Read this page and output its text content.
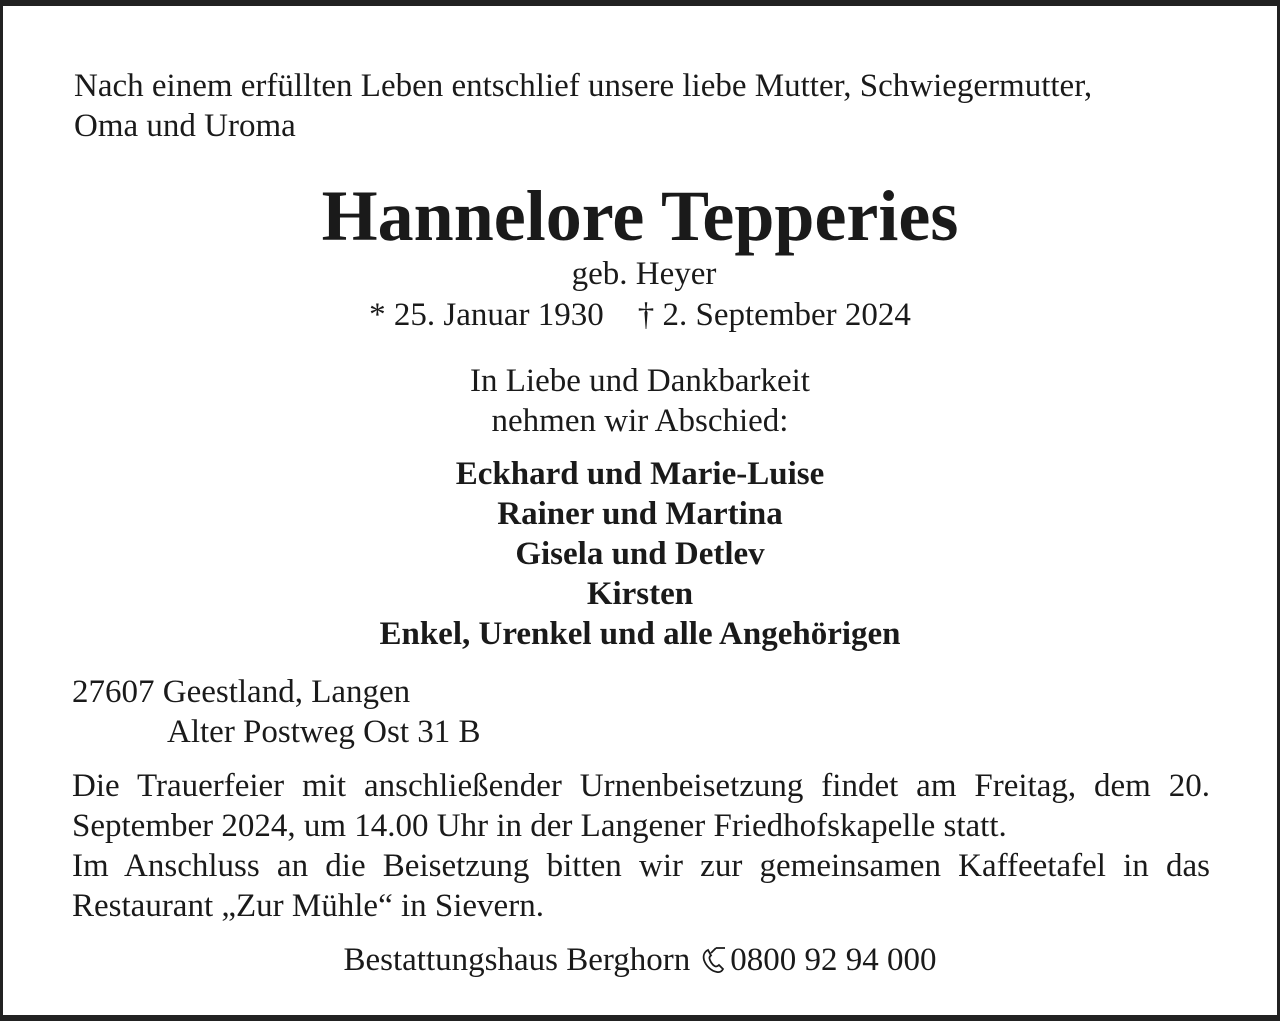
Nach einem erfüllten Leben entschlief unsere liebe Mutter, Schwiegermutter,
Oma und Uroma
Hannelore Tepperies
geb. Heyer
* 25. Januar 1930 † 2. September 2024
In Liebe und Dankbarkeit
nehmen wir Abschied:
Eckhard und Marie-Luise
Rainer und Martina
Gisela und Detlev
Kirsten
Enkel, Urenkel und alle Angehörigen
27607 Geestland, Langen
Alter Postweg Ost 31 B

Die Trauerfeier mit anschließender Urnenbeisetzung findet am Freitag, dem 20. September 2024, um 14.00 Uhr in der Langener Friedhofskapelle statt.

Im Anschluss an die Beisetzung bitten wir zur gemeinsamen Kaffeetafel in das Restaurant „Zur Mühle“ in Sievern.

Bestattungshaus Berghorn 0800 92 94 000
